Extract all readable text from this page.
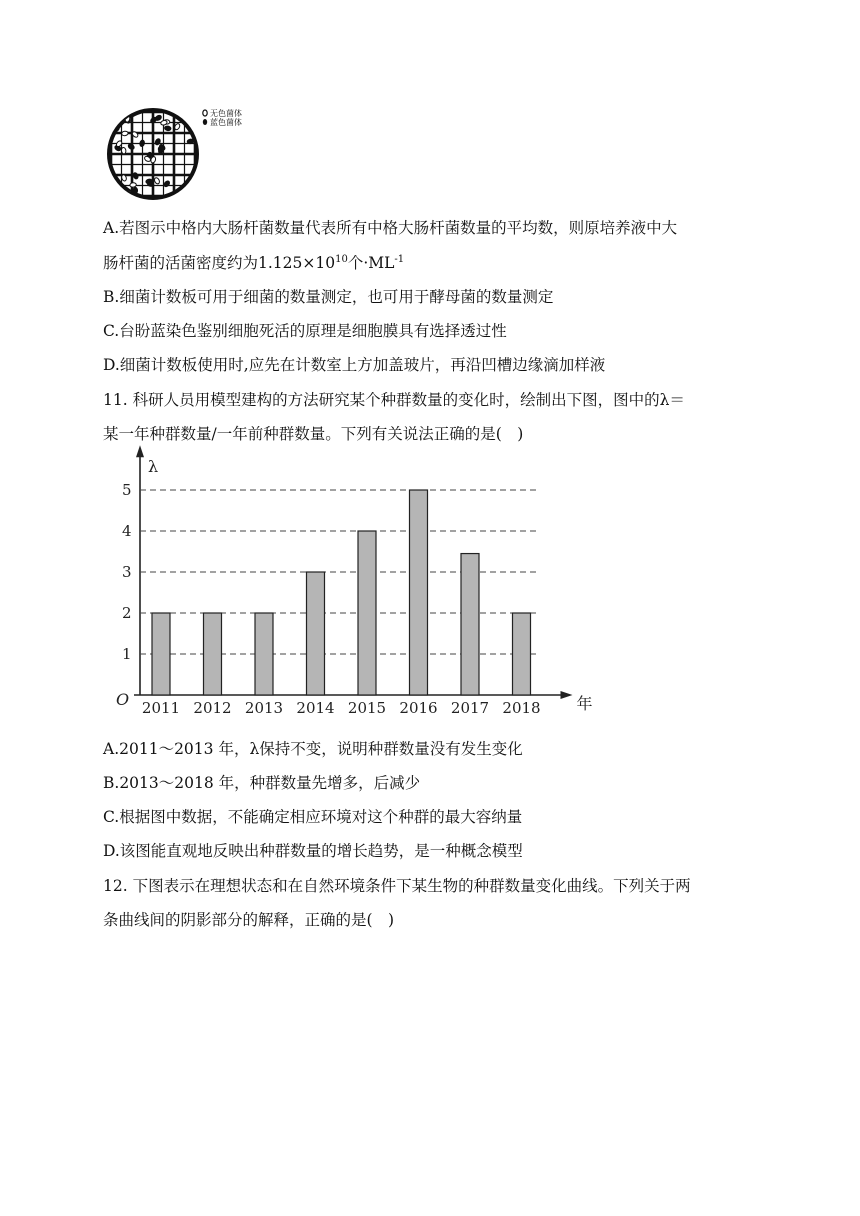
无色菌体
蓝色菌体
A.若图示中格内大肠杆菌数量代表所有中格大肠杆菌数量的平均数，则原培养液中大
肠杆菌的活菌密度约为$1.125\times 10^{10}$个$\cdot ML^{-1}$
B.细菌计数板可用于细菌的数量测定，也可用于酵母菌的数量测定
C.台盼蓝染色鉴别细胞死活的原理是细胞膜具有选择透过性
D.细菌计数板使用时,应先在计数室上方加盖玻片，再沿凹槽边缘滴加样液
11. 科研人员用模型建构的方法研究某个种群数量的变化时，绘制出下图，图中的λ＝
某一年种群数量/一年前种群数量。下列有关说法正确的是(  )
λ
年
O
1
2
3
4
5
2011 2012 2013 2014 2015 2016 2017 2018
A.2011～2013 年，λ保持不变，说明种群数量没有发生变化
B.2013～2018 年，种群数量先增多，后减少
C.根据图中数据，不能确定相应环境对这个种群的最大容纳量
D.该图能直观地反映出种群数量的增长趋势，是一种概念模型
12. 下图表示在理想状态和在自然环境条件下某生物的种群数量变化曲线。下列关于两
条曲线间的阴影部分的解释，正确的是(  )
